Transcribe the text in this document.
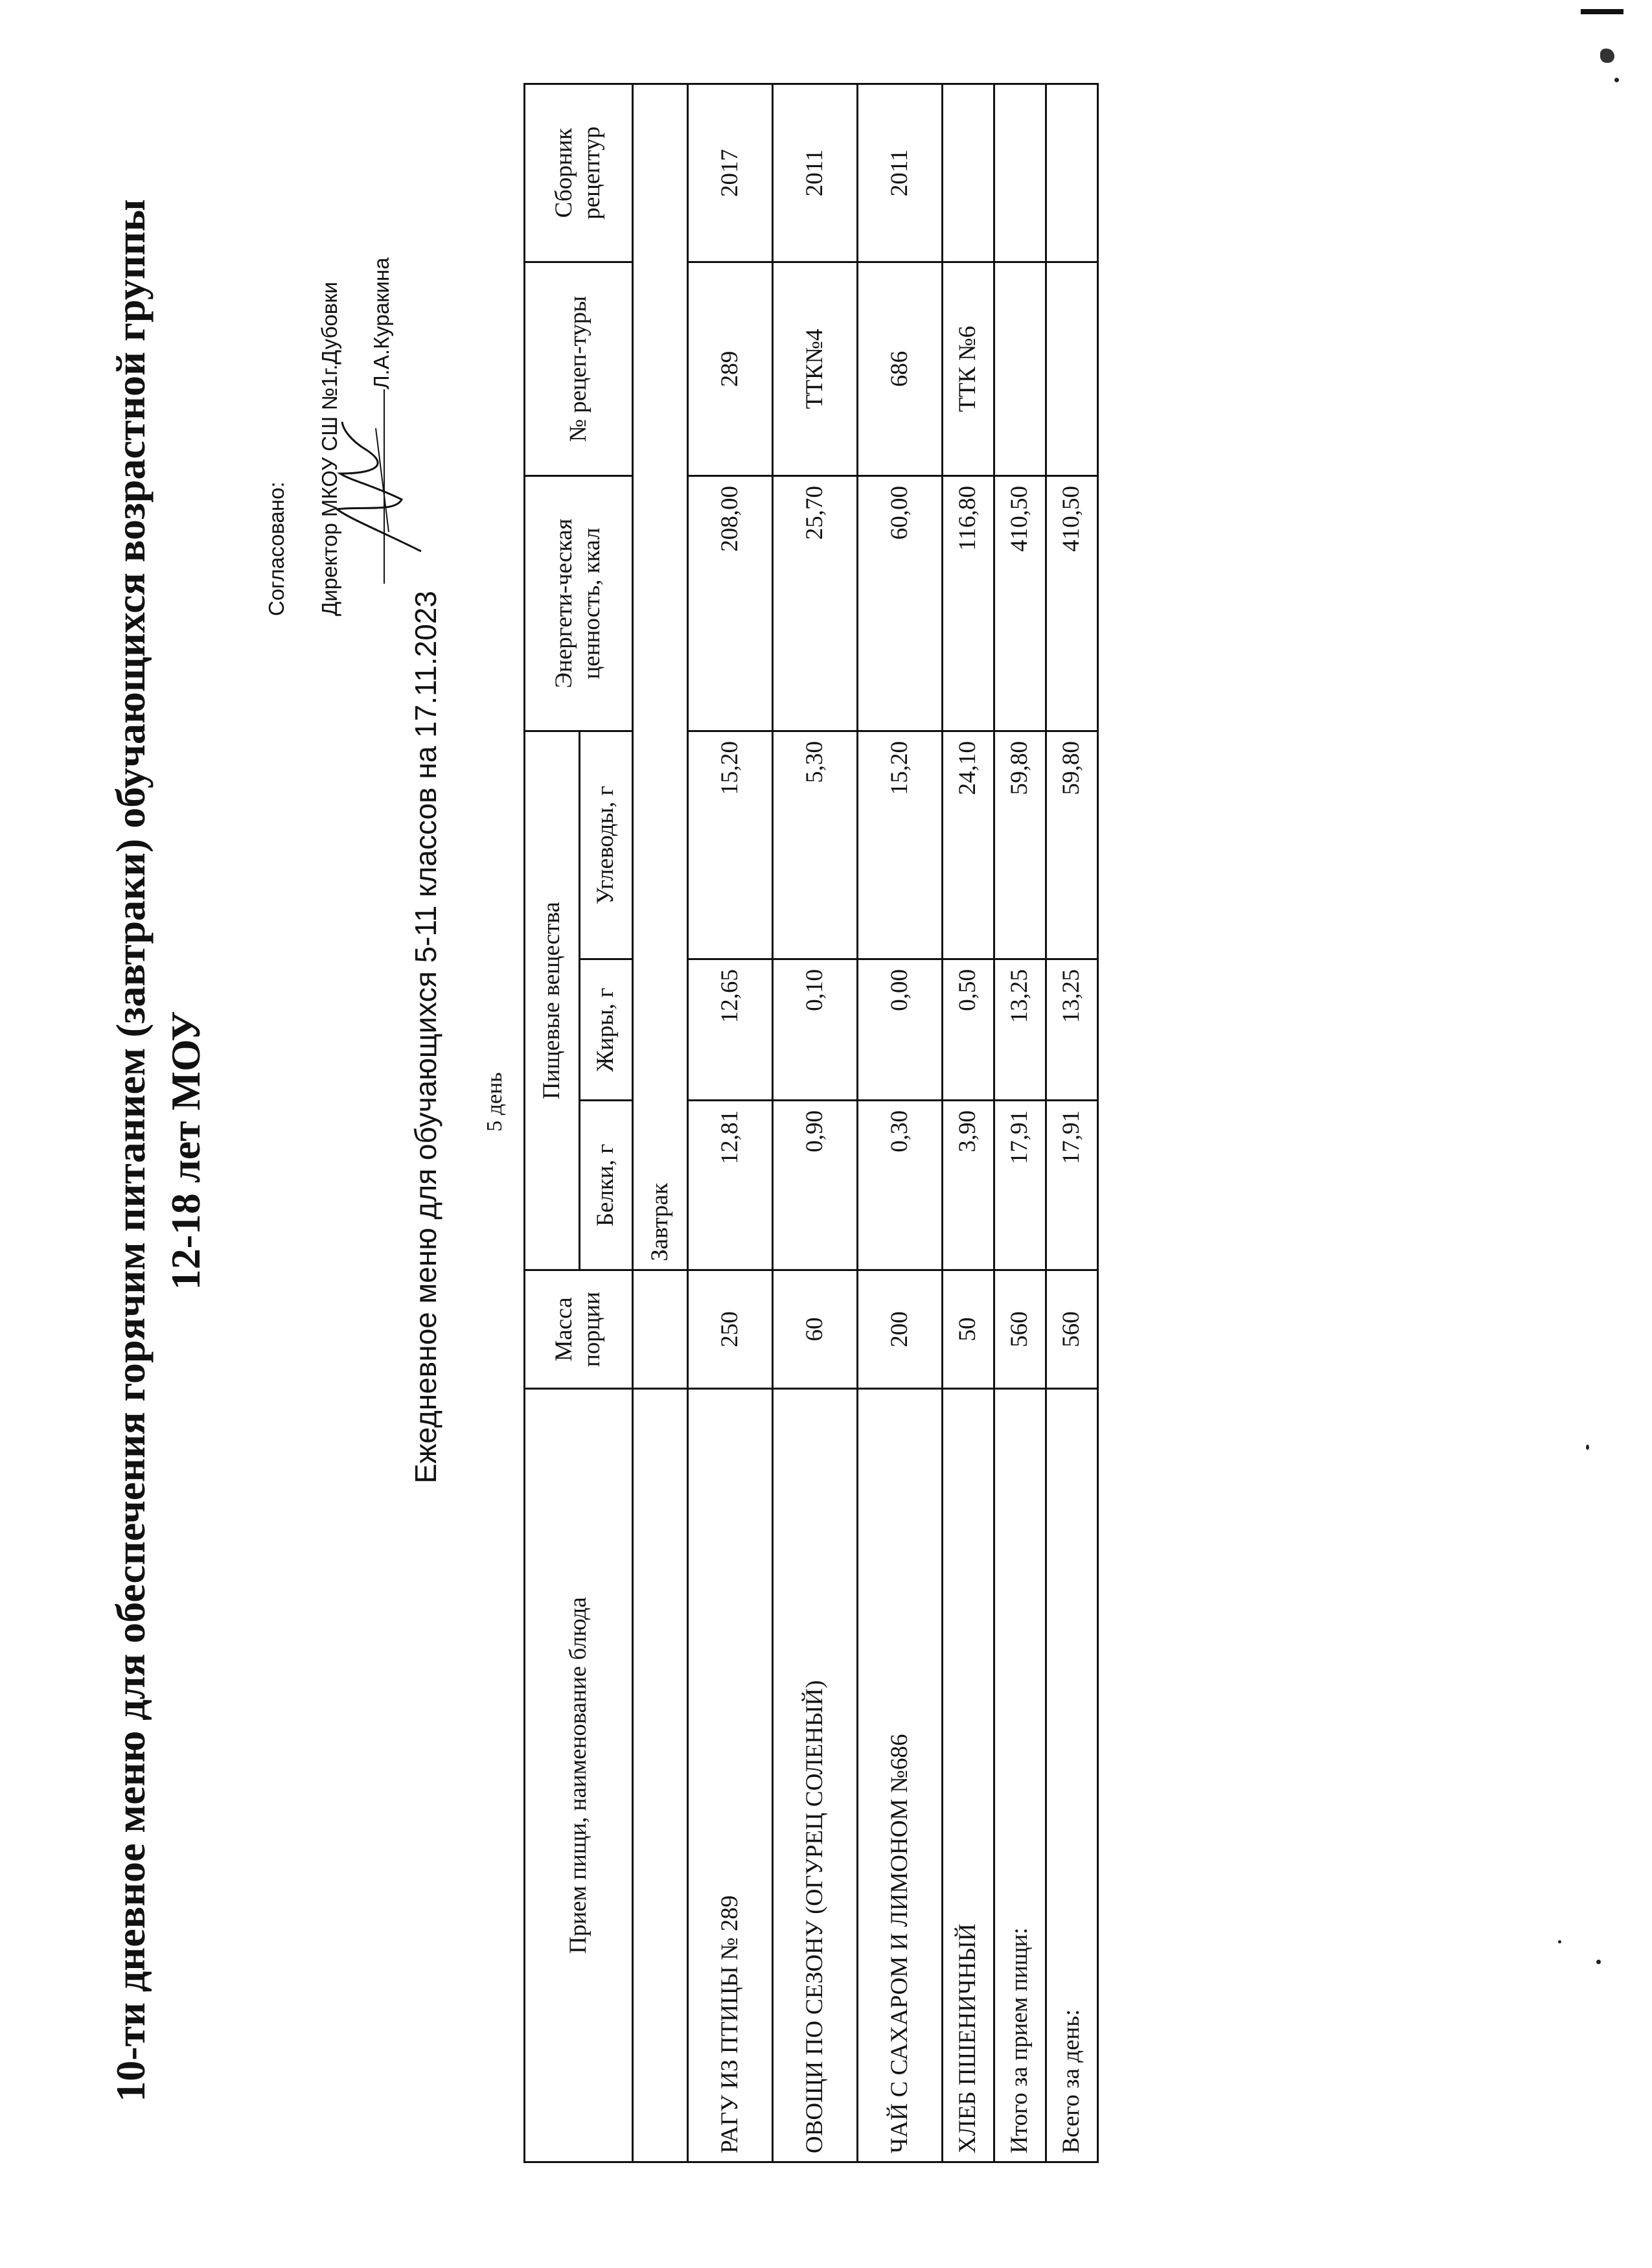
10-ти дневное меню для обеспечения горячим питанием (завтраки) обучающихся возрастной группы 12-18 лет МОУ
Согласовано: Директор МКОУ СШ №1г.Дубовки Л.А.Куракина
Ежедневное меню для обучающихся 5-11 классов на 17.11.2023 5 день
Прием пищи, наименование блюда	Масса порции	Пищевые вещества			Энергети-ческая ценность, ккал	№ рецеп-туры	Сборник рецептур
		Белки, г	Жиры, г	Углеводы, г			
		Завтрак					
РАГУ ИЗ ПТИЦЫ № 289	250	12,81	12,65	15,20	208,00	289	2017
ОВОЩИ ПО СЕЗОНУ (ОГУРЕЦ СОЛЕНЫЙ)	60	0,90	0,10	5,30	25,70	ТТК№4	2011
ЧАЙ С САХАРОМ И ЛИМОНОМ №686	200	0,30	0,00	15,20	60,00	686	2011
ХЛЕБ ПШЕНИЧНЫЙ	50	3,90	0,50	24,10	116,80	ТТК №6	
Итого за прием пищи:	560	17,91	13,25	59,80	410,50		
Всего за день:	560	17,91	13,25	59,80	410,50		
